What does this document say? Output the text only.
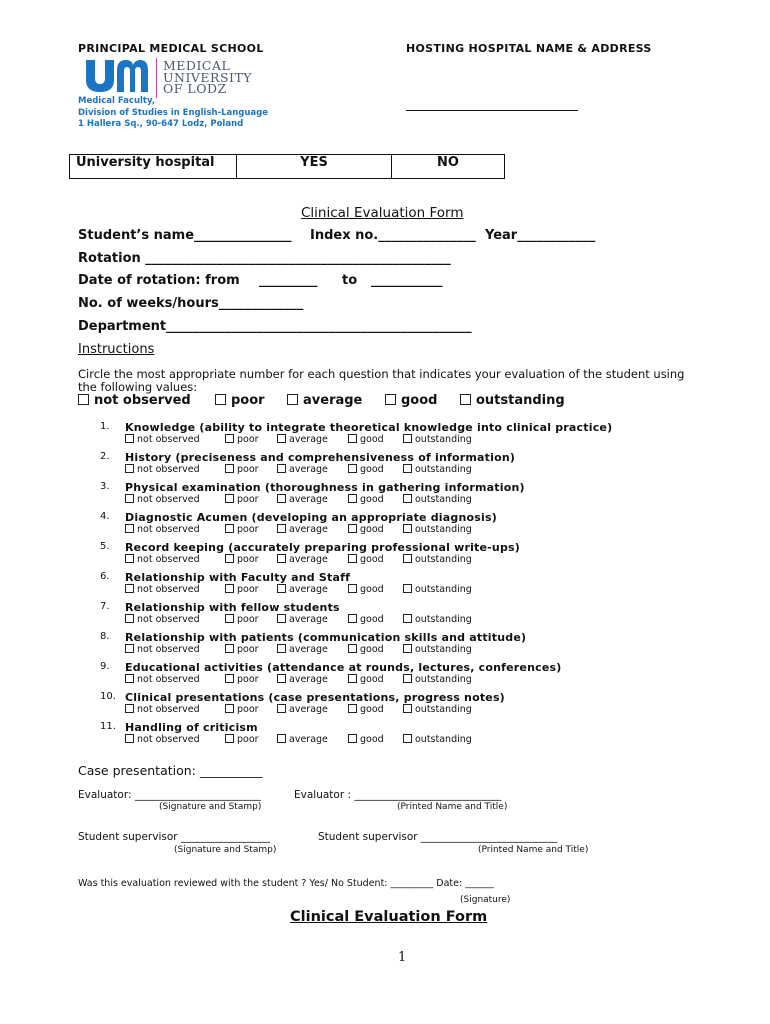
PRINCIPAL MEDICAL SCHOOL	HOSTING HOSPITAL NAME & ADDRESS
MEDICAL
UNIVERSITY
OF LODZ
Medical Faculty,
Division of Studies in English-Language
1 Hallera Sq., 90-647 Lodz, Poland
University hospital	YES	NO
Clinical Evaluation Form
Student’s name_______________ Index no._______________ Year____________
Rotation _______________________________________________
Date of rotation: from _________ to ___________
No. of weeks/hours_____________
Department_______________________________________________
Instructions
Circle the most appropriate number for each question that indicates your evaluation of the student using
the following values:
not observed	poor	average	good	outstanding
1.	Knowledge (ability to integrate theoretical knowledge into clinical practice)
not observed	poor	average	good	outstanding
2.	History (preciseness and comprehensiveness of information)
not observed	poor	average	good	outstanding
3.	Physical examination (thoroughness in gathering information)
not observed	poor	average	good	outstanding
4.	Diagnostic Acumen (developing an appropriate diagnosis)
not observed	poor	average	good	outstanding
5.	Record keeping (accurately preparing professional write-ups)
not observed	poor	average	good	outstanding
6.	Relationship with Faculty and Staff
not observed	poor	average	good	outstanding
7.	Relationship with fellow students
not observed	poor	average	good	outstanding
8.	Relationship with patients (communication skills and attitude)
not observed	poor	average	good	outstanding
9.	Educational activities (attendance at rounds, lectures, conferences)
not observed	poor	average	good	outstanding
10. Clinical presentations (case presentations, progress notes)
not observed	poor	average	good	outstanding
11. Handling of criticism
not observed	poor	average	good	outstanding
Case presentation: __________
Evaluator: ________________________	Evaluator : ____________________________
(Signature and Stamp)	(Printed Name and Title)
Student supervisor _________________	Student supervisor __________________________
(Signature and Stamp)	(Printed Name and Title)
Was this evaluation reviewed with the student ? Yes/ No Student: _________ Date: ______
(Signature)
Clinical Evaluation Form
1
